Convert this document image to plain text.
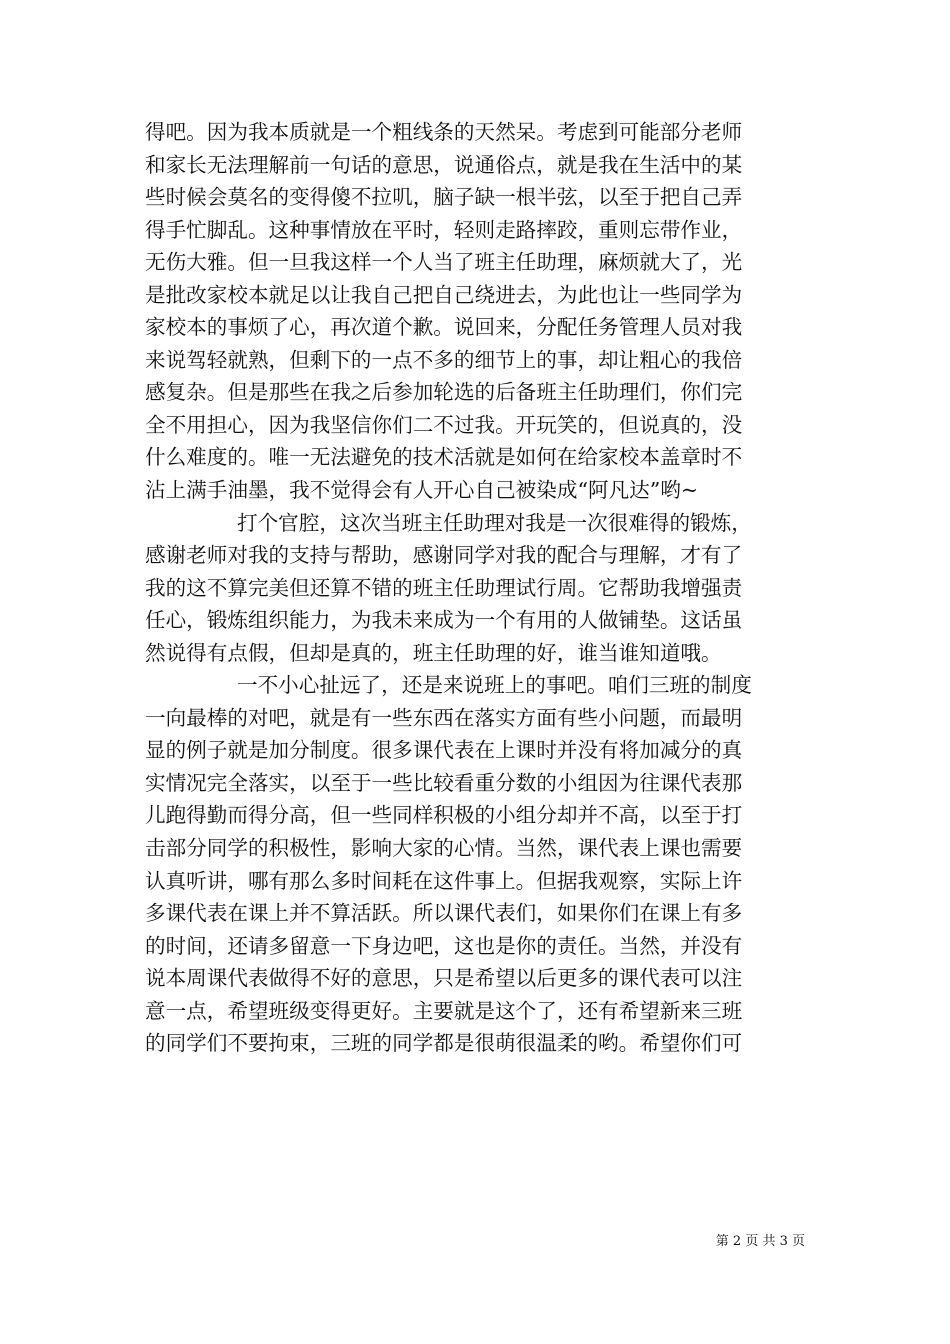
得吧。因为我本质就是一个粗线条的天然呆。考虑到可能部分老师
和家长无法理解前一句话的意思，说通俗点，就是我在生活中的某
些时候会莫名的变得傻不拉叽，脑子缺一根半弦，以至于把自己弄
得手忙脚乱。这种事情放在平时，轻则走路摔跤，重则忘带作业，
无伤大雅。但一旦我这样一个人当了班主任助理，麻烦就大了，光
是批改家校本就足以让我自己把自己绕进去，为此也让一些同学为
家校本的事烦了心，再次道个歉。说回来，分配任务管理人员对我
来说驾轻就熟，但剩下的一点不多的细节上的事，却让粗心的我倍
感复杂。但是那些在我之后参加轮选的后备班主任助理们，你们完
全不用担心，因为我坚信你们二不过我。开玩笑的，但说真的，没
什么难度的。唯一无法避免的技术活就是如何在给家校本盖章时不
沾上满手油墨，我不觉得会有人开心自己被染成“阿凡达”哟~
打个官腔，这次当班主任助理对我是一次很难得的锻炼，
感谢老师对我的支持与帮助，感谢同学对我的配合与理解，才有了
我的这不算完美但还算不错的班主任助理试行周。它帮助我增强责
任心，锻炼组织能力，为我未来成为一个有用的人做铺垫。这话虽
然说得有点假，但却是真的，班主任助理的好，谁当谁知道哦。
一不小心扯远了，还是来说班上的事吧。咱们三班的制度
一向最棒的对吧，就是有一些东西在落实方面有些小问题，而最明
显的例子就是加分制度。很多课代表在上课时并没有将加减分的真
实情况完全落实，以至于一些比较看重分数的小组因为往课代表那
儿跑得勤而得分高，但一些同样积极的小组分却并不高，以至于打
击部分同学的积极性，影响大家的心情。当然，课代表上课也需要
认真听讲，哪有那么多时间耗在这件事上。但据我观察，实际上许
多课代表在课上并不算活跃。所以课代表们，如果你们在课上有多
的时间，还请多留意一下身边吧，这也是你的责任。当然，并没有
说本周课代表做得不好的意思，只是希望以后更多的课代表可以注
意一点，希望班级变得更好。主要就是这个了，还有希望新来三班
的同学们不要拘束，三班的同学都是很萌很温柔的哟。希望你们可
第 2 页 共 3 页
